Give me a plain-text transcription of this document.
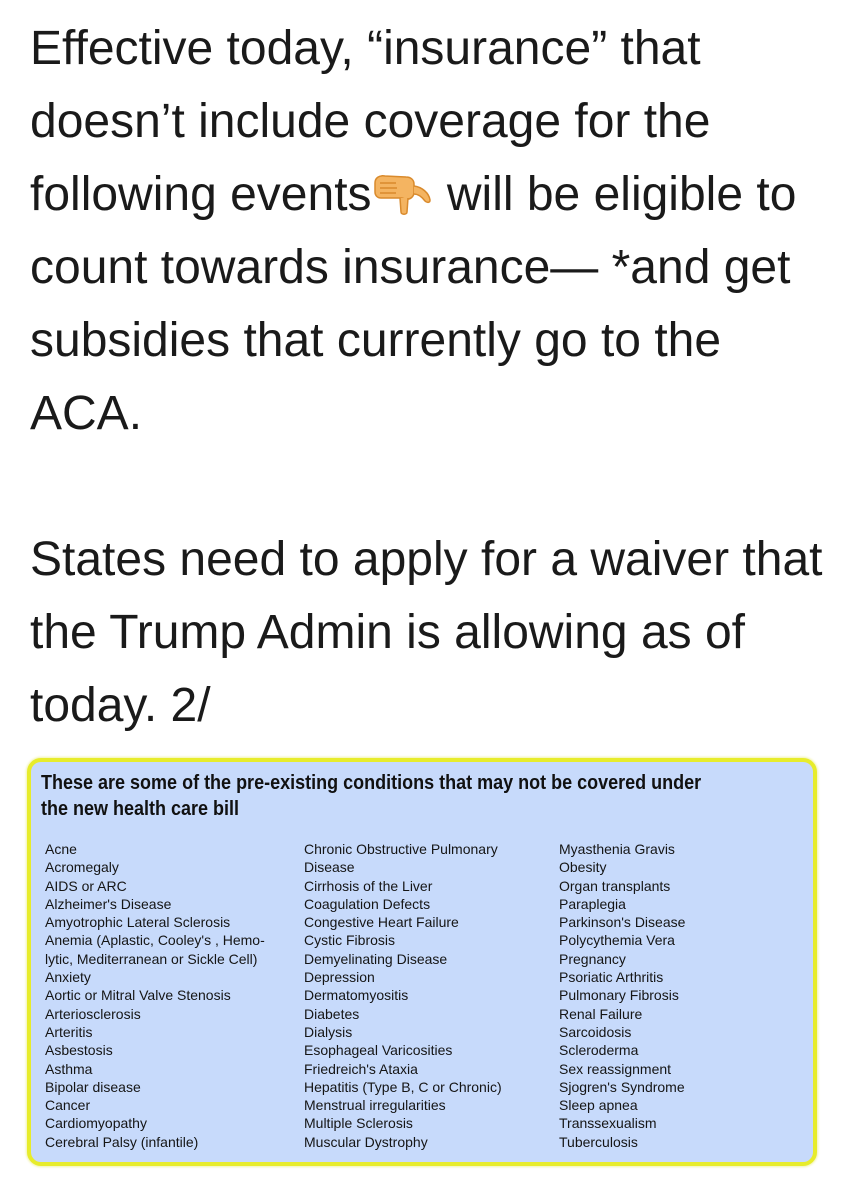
Effective today, “insurance” that doesn’t include coverage for the following events will be eligible to count towards insurance— *and get subsidies that currently go to the ACA.

States need to apply for a waiver that the Trump Admin is allowing as of today. 2/

These are some of the pre-existing conditions that may not be covered under the new health care bill

Acne
Acromegaly
AIDS or ARC
Alzheimer's Disease
Amyotrophic Lateral Sclerosis
Anemia (Aplastic, Cooley's , Hemo-
lytic, Mediterranean or Sickle Cell)
Anxiety
Aortic or Mitral Valve Stenosis
Arteriosclerosis
Arteritis
Asbestosis
Asthma
Bipolar disease
Cancer
Cardiomyopathy
Cerebral Palsy (infantile)
Chronic Obstructive Pulmonary
Disease
Cirrhosis of the Liver
Coagulation Defects
Congestive Heart Failure
Cystic Fibrosis
Demyelinating Disease
Depression
Dermatomyositis
Diabetes
Dialysis
Esophageal Varicosities
Friedreich's Ataxia
Hepatitis (Type B, C or Chronic)
Menstrual irregularities
Multiple Sclerosis
Muscular Dystrophy
Myasthenia Gravis
Obesity
Organ transplants
Paraplegia
Parkinson's Disease
Polycythemia Vera
Pregnancy
Psoriatic Arthritis
Pulmonary Fibrosis
Renal Failure
Sarcoidosis
Scleroderma
Sex reassignment
Sjogren's Syndrome
Sleep apnea
Transsexualism
Tuberculosis
